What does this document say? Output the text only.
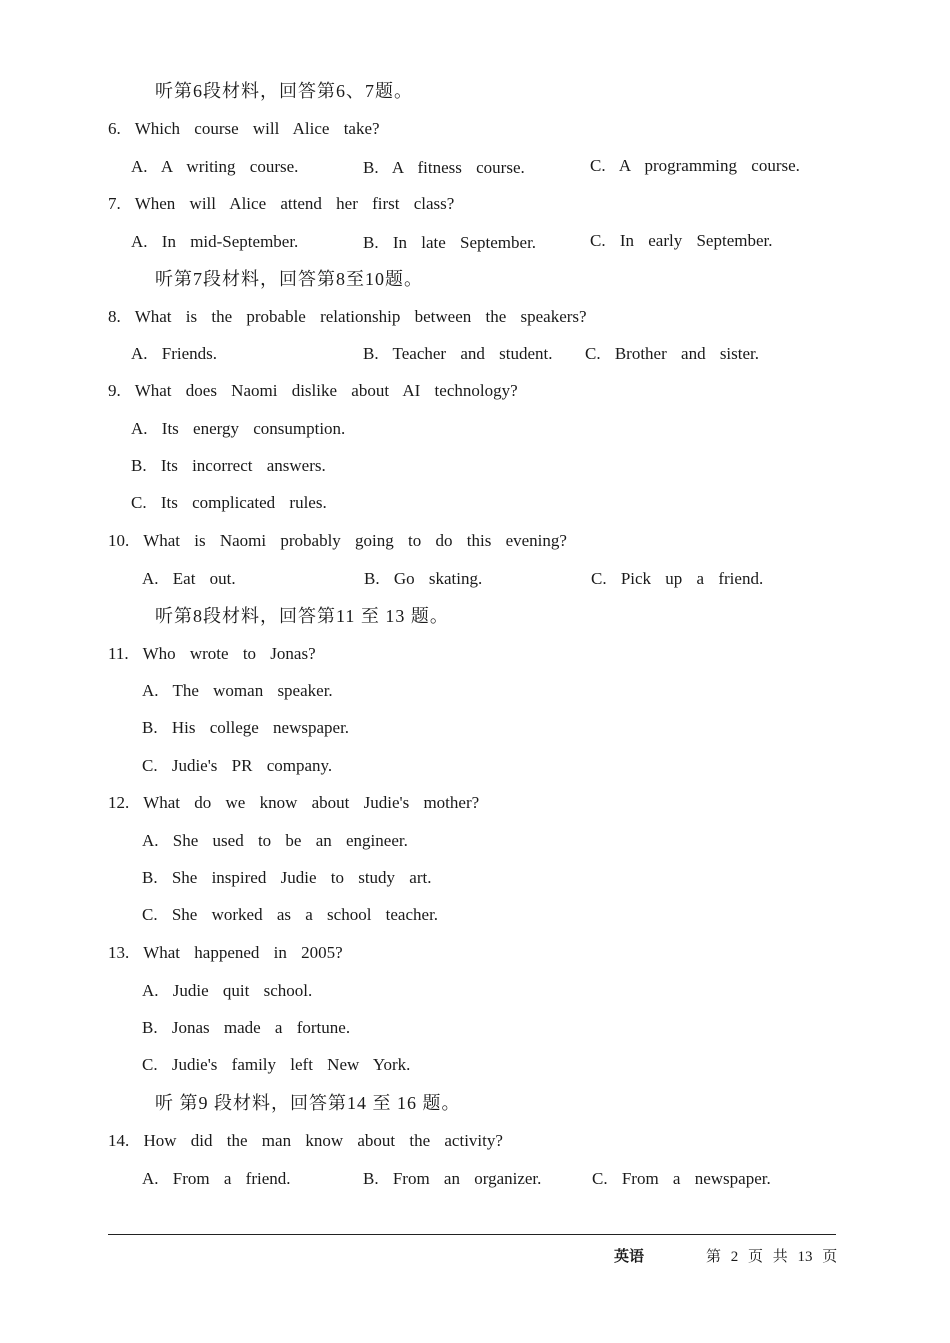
听第6段材料，回答第6、7题。
6. Which course will Alice take?
A. A writing course.	B. A fitness course.	C. A programming course.
7. When will Alice attend her first class?
A. In mid-September.	B. In late September.	C. In early September.
听第7段材料，回答第8至10题。
8. What is the probable relationship between the speakers?
A. Friends.	B. Teacher and student. C. Brother and sister.
9. What does Naomi dislike about AI technology?
A. Its energy consumption.
B. Its incorrect answers.
C. Its complicated rules.
10. What is Naomi probably going to do this evening?
A. Eat out.	B. Go skating.	C. Pick up a friend.
听第8段材料，回答第11 至 13 题。
11. Who wrote to Jonas?
A. The woman speaker.
B. His college newspaper.
C. Judie's PR company.
12. What do we know about Judie's mother?
A. She used to be an engineer.
B. She inspired Judie to study art.
C. She worked as a school teacher.
13. What happened in 2005?
A. Judie quit school.
B. Jonas made a fortune.
C. Judie's family left New York.
听 第9 段材料，回答第14 至 16 题。
14. How did the man know about the activity?
A. From a friend.	B. From an organizer.	C. From a newspaper.
英语	第 2 页 共 13 页
